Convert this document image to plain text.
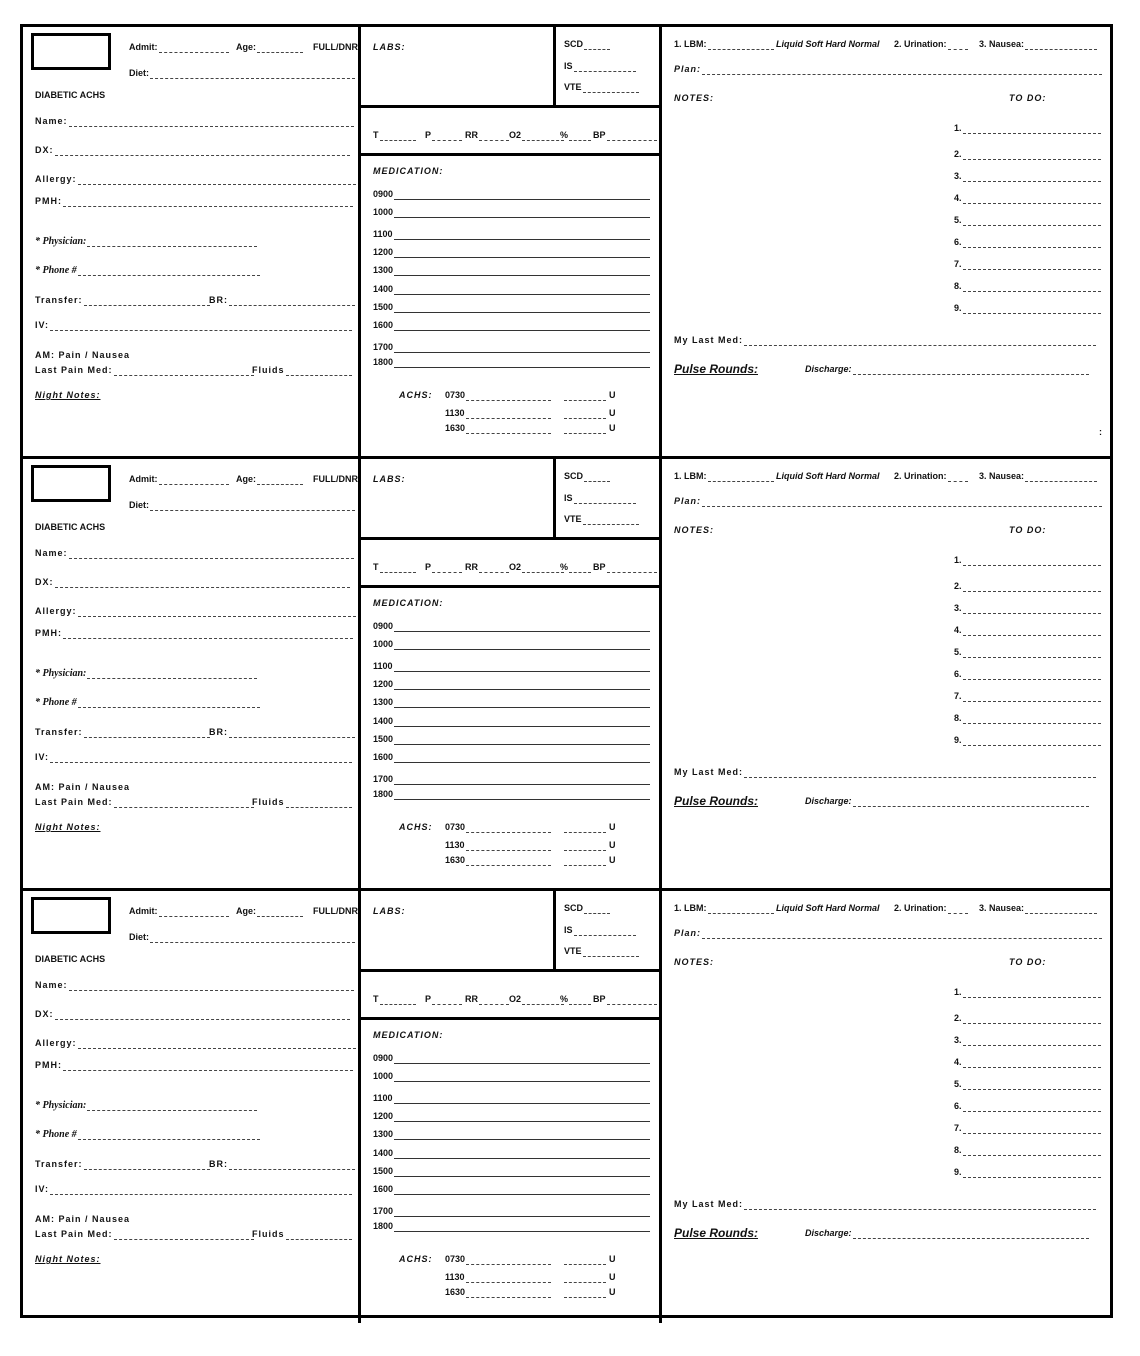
Admit:	Age:	FULL/DNR
Diet:
DIABETIC ACHS
Name:
DX:
Allergy:
PMH:
* Physician:
* Phone #
Transfer:	BR:
IV:
AM: Pain / Nausea
Last Pain Med:	Fluids
Night Notes:
LABS:	SCD
IS
VTE
T	P	RR	O2	%	BP
MEDICATION:
0900
1000
1100
1200
1300
1400
1500
1600
1700
1800
ACHS: 0730	U
1130	U
1630	U
1. LBM:	Liquid Soft Hard Normal 2. Urination:	3. Nausea:
Plan:
NOTES:	TO DO:
1.
2.
3.
4.
5.
6.
7.
8.
9.
My Last Med:
Pulse Rounds:	Discharge:
:
Admit:	Age:	FULL/DNR
Diet:
DIABETIC ACHS
Name:
DX:
Allergy:
PMH:
* Physician:
* Phone #
Transfer:	BR:
IV:
AM: Pain / Nausea
Last Pain Med:	Fluids
Night Notes:
LABS:	SCD
IS
VTE
T	P	RR	O2	%	BP
MEDICATION:
0900
1000
1100
1200
1300
1400
1500
1600
1700
1800
ACHS: 0730	U
1130	U
1630	U
1. LBM:	Liquid Soft Hard Normal 2. Urination:	3. Nausea:
Plan:
NOTES:	TO DO:
1.
2.
3.
4.
5.
6.
7.
8.
9.
My Last Med:
Pulse Rounds:	Discharge:
Admit:	Age:	FULL/DNR
Diet:
DIABETIC ACHS
Name:
DX:
Allergy:
PMH:
* Physician:
* Phone #
Transfer:	BR:
IV:
AM: Pain / Nausea
Last Pain Med:	Fluids
Night Notes:
LABS:	SCD
IS
VTE
T	P	RR	O2	%	BP
MEDICATION:
0900
1000
1100
1200
1300
1400
1500
1600
1700
1800
ACHS: 0730	U
1130	U
1630	U
1. LBM:	Liquid Soft Hard Normal 2. Urination:	3. Nausea:
Plan:
NOTES:	TO DO:
1.
2.
3.
4.
5.
6.
7.
8.
9.
My Last Med:
Pulse Rounds:	Discharge:
